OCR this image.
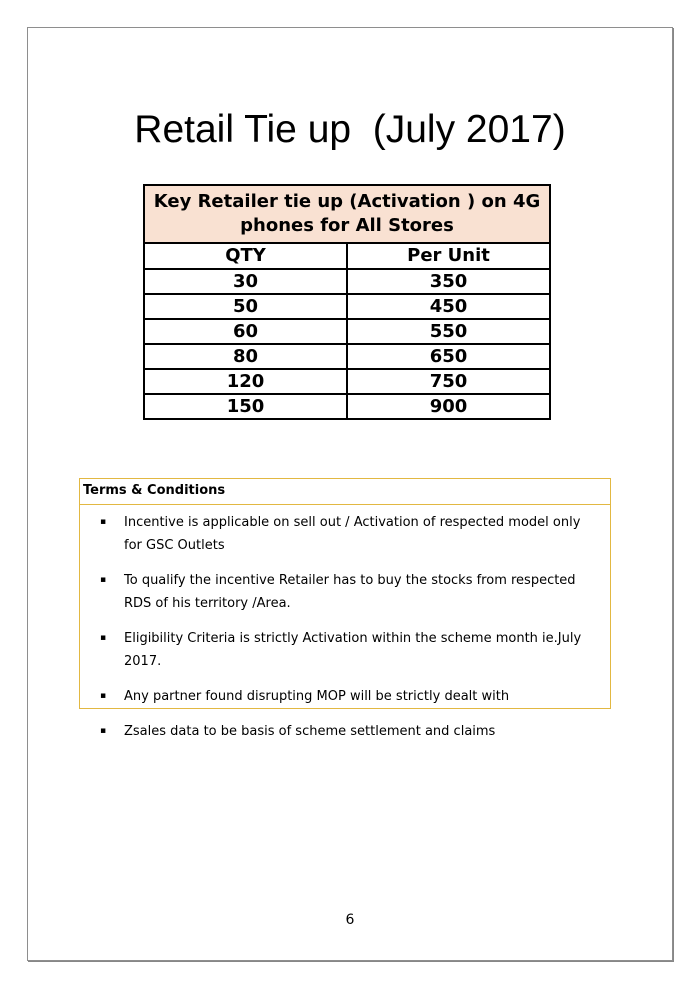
Retail Tie up  (July 2017)
Key Retailer tie up (Activation ) on 4G phones for All Stores	
QTY	Per Unit
30	350
50	450
60	550
80	650
120	750
150	900
Terms & Conditions
▪	Incentive is applicable on sell out / Activation of respected model only for GSC Outlets
▪	To qualify the incentive Retailer has to buy the stocks from respected RDS of his territory /Area.
▪	Eligibility Criteria is strictly Activation within the scheme month ie.July 2017.
▪	Any partner found disrupting MOP will be strictly dealt with
▪	Zsales data to be basis of scheme settlement and claims
6
